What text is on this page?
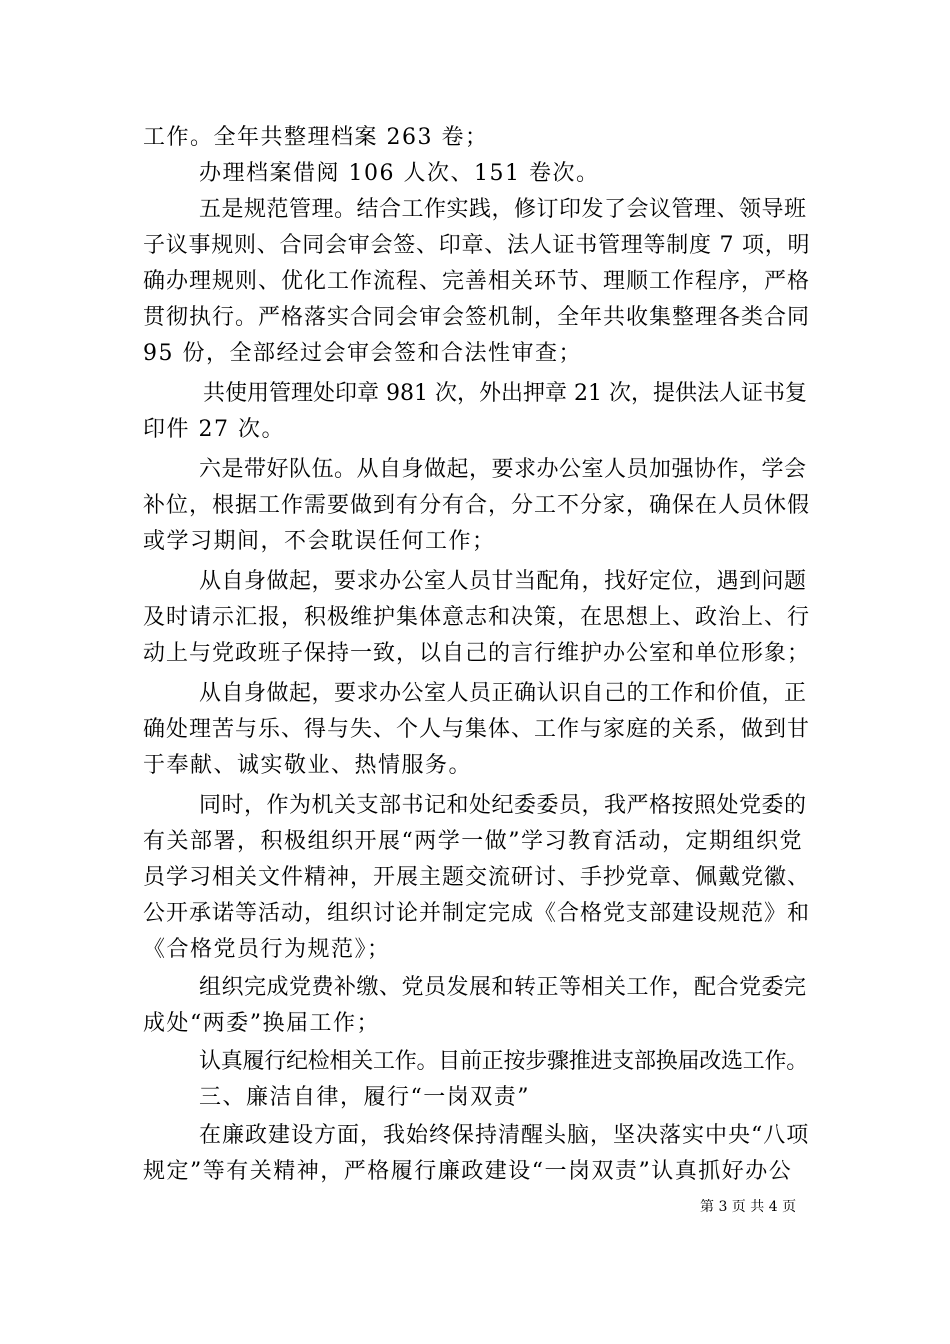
工作。全年共整理档案 263 卷；
办理档案借阅 106 人次、151 卷次。
五是规范管理。结合工作实践，修订印发了会议管理、领导班
子议事规则、合同会审会签、印章、法人证书管理等制度 7 项，明
确办理规则、优化工作流程、完善相关环节、理顺工作程序，严格
贯彻执行。严格落实合同会审会签机制，全年共收集整理各类合同
95 份，全部经过会审会签和合法性审查；
共使用管理处印章 981 次，外出押章 21 次，提供法人证书复
印件 27 次。
六是带好队伍。从自身做起，要求办公室人员加强协作，学会
补位，根据工作需要做到有分有合，分工不分家，确保在人员休假
或学习期间，不会耽误任何工作；
从自身做起，要求办公室人员甘当配角，找好定位，遇到问题
及时请示汇报，积极维护集体意志和决策，在思想上、政治上、行
动上与党政班子保持一致，以自己的言行维护办公室和单位形象；
从自身做起，要求办公室人员正确认识自己的工作和价值，正
确处理苦与乐、得与失、个人与集体、工作与家庭的关系，做到甘
于奉献、诚实敬业、热情服务。
同时，作为机关支部书记和处纪委委员，我严格按照处党委的
有关部署，积极组织开展“两学一做”学习教育活动，定期组织党
员学习相关文件精神，开展主题交流研讨、手抄党章、佩戴党徽、
公开承诺等活动，组织讨论并制定完成《合格党支部建设规范》和
《合格党员行为规范》；
组织完成党费补缴、党员发展和转正等相关工作，配合党委完
成处“两委”换届工作；
认真履行纪检相关工作。目前正按步骤推进支部换届改选工作。
三、廉洁自律，履行“一岗双责”
在廉政建设方面，我始终保持清醒头脑，坚决落实中央“八项
规定”等有关精神，严格履行廉政建设“一岗双责”认真抓好办公
第 3 页 共 4 页
